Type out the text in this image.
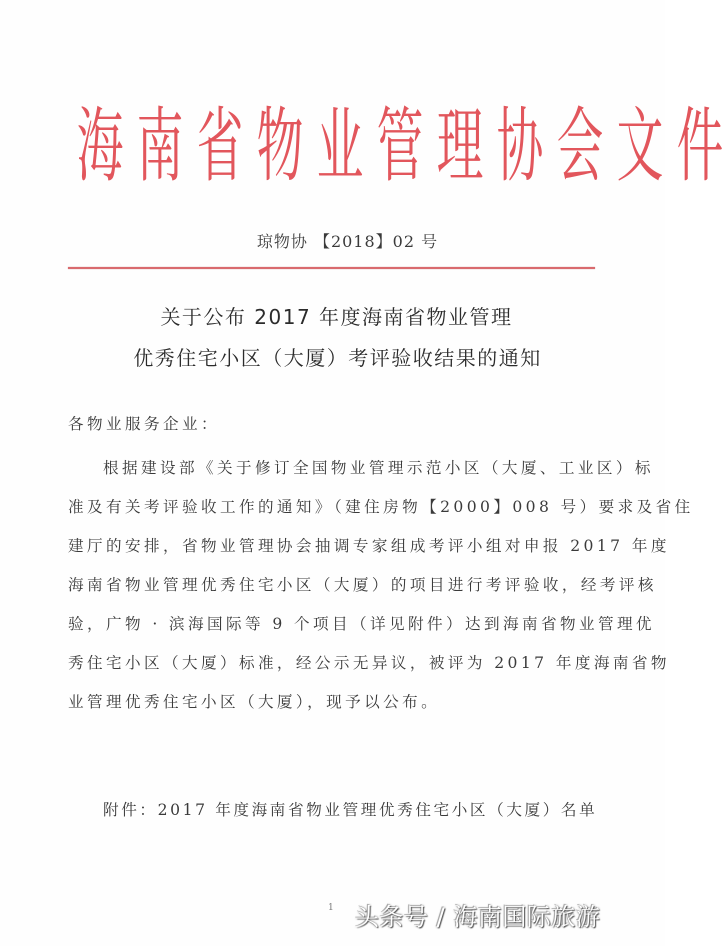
海 南 省 物 业 管 理 协 会 文 件
琼物协 【2018】02 号
关于公布 2017 年度海南省物业管理
优秀住宅小区（大厦）考评验收结果的通知
各物业服务企业：
根据建设部《关于修订全国物业管理示范小区（大厦、工业区）标
准及有关考评验收工作的通知》（建住房物【2000】008 号）要求及省住
建厅的安排，省物业管理协会抽调专家组成考评小组对申报 2017 年度
海南省物业管理优秀住宅小区（大厦）的项目进行考评验收，经考评核
验，广物 · 滨海国际等 9 个项目（详见附件）达到海南省物业管理优
秀住宅小区（大厦）标准，经公示无异议，被评为 2017 年度海南省物
业管理优秀住宅小区（大厦），现予以公布。
附件：2017 年度海南省物业管理优秀住宅小区（大厦）名单
1 头条号 / 海南国际旅游
